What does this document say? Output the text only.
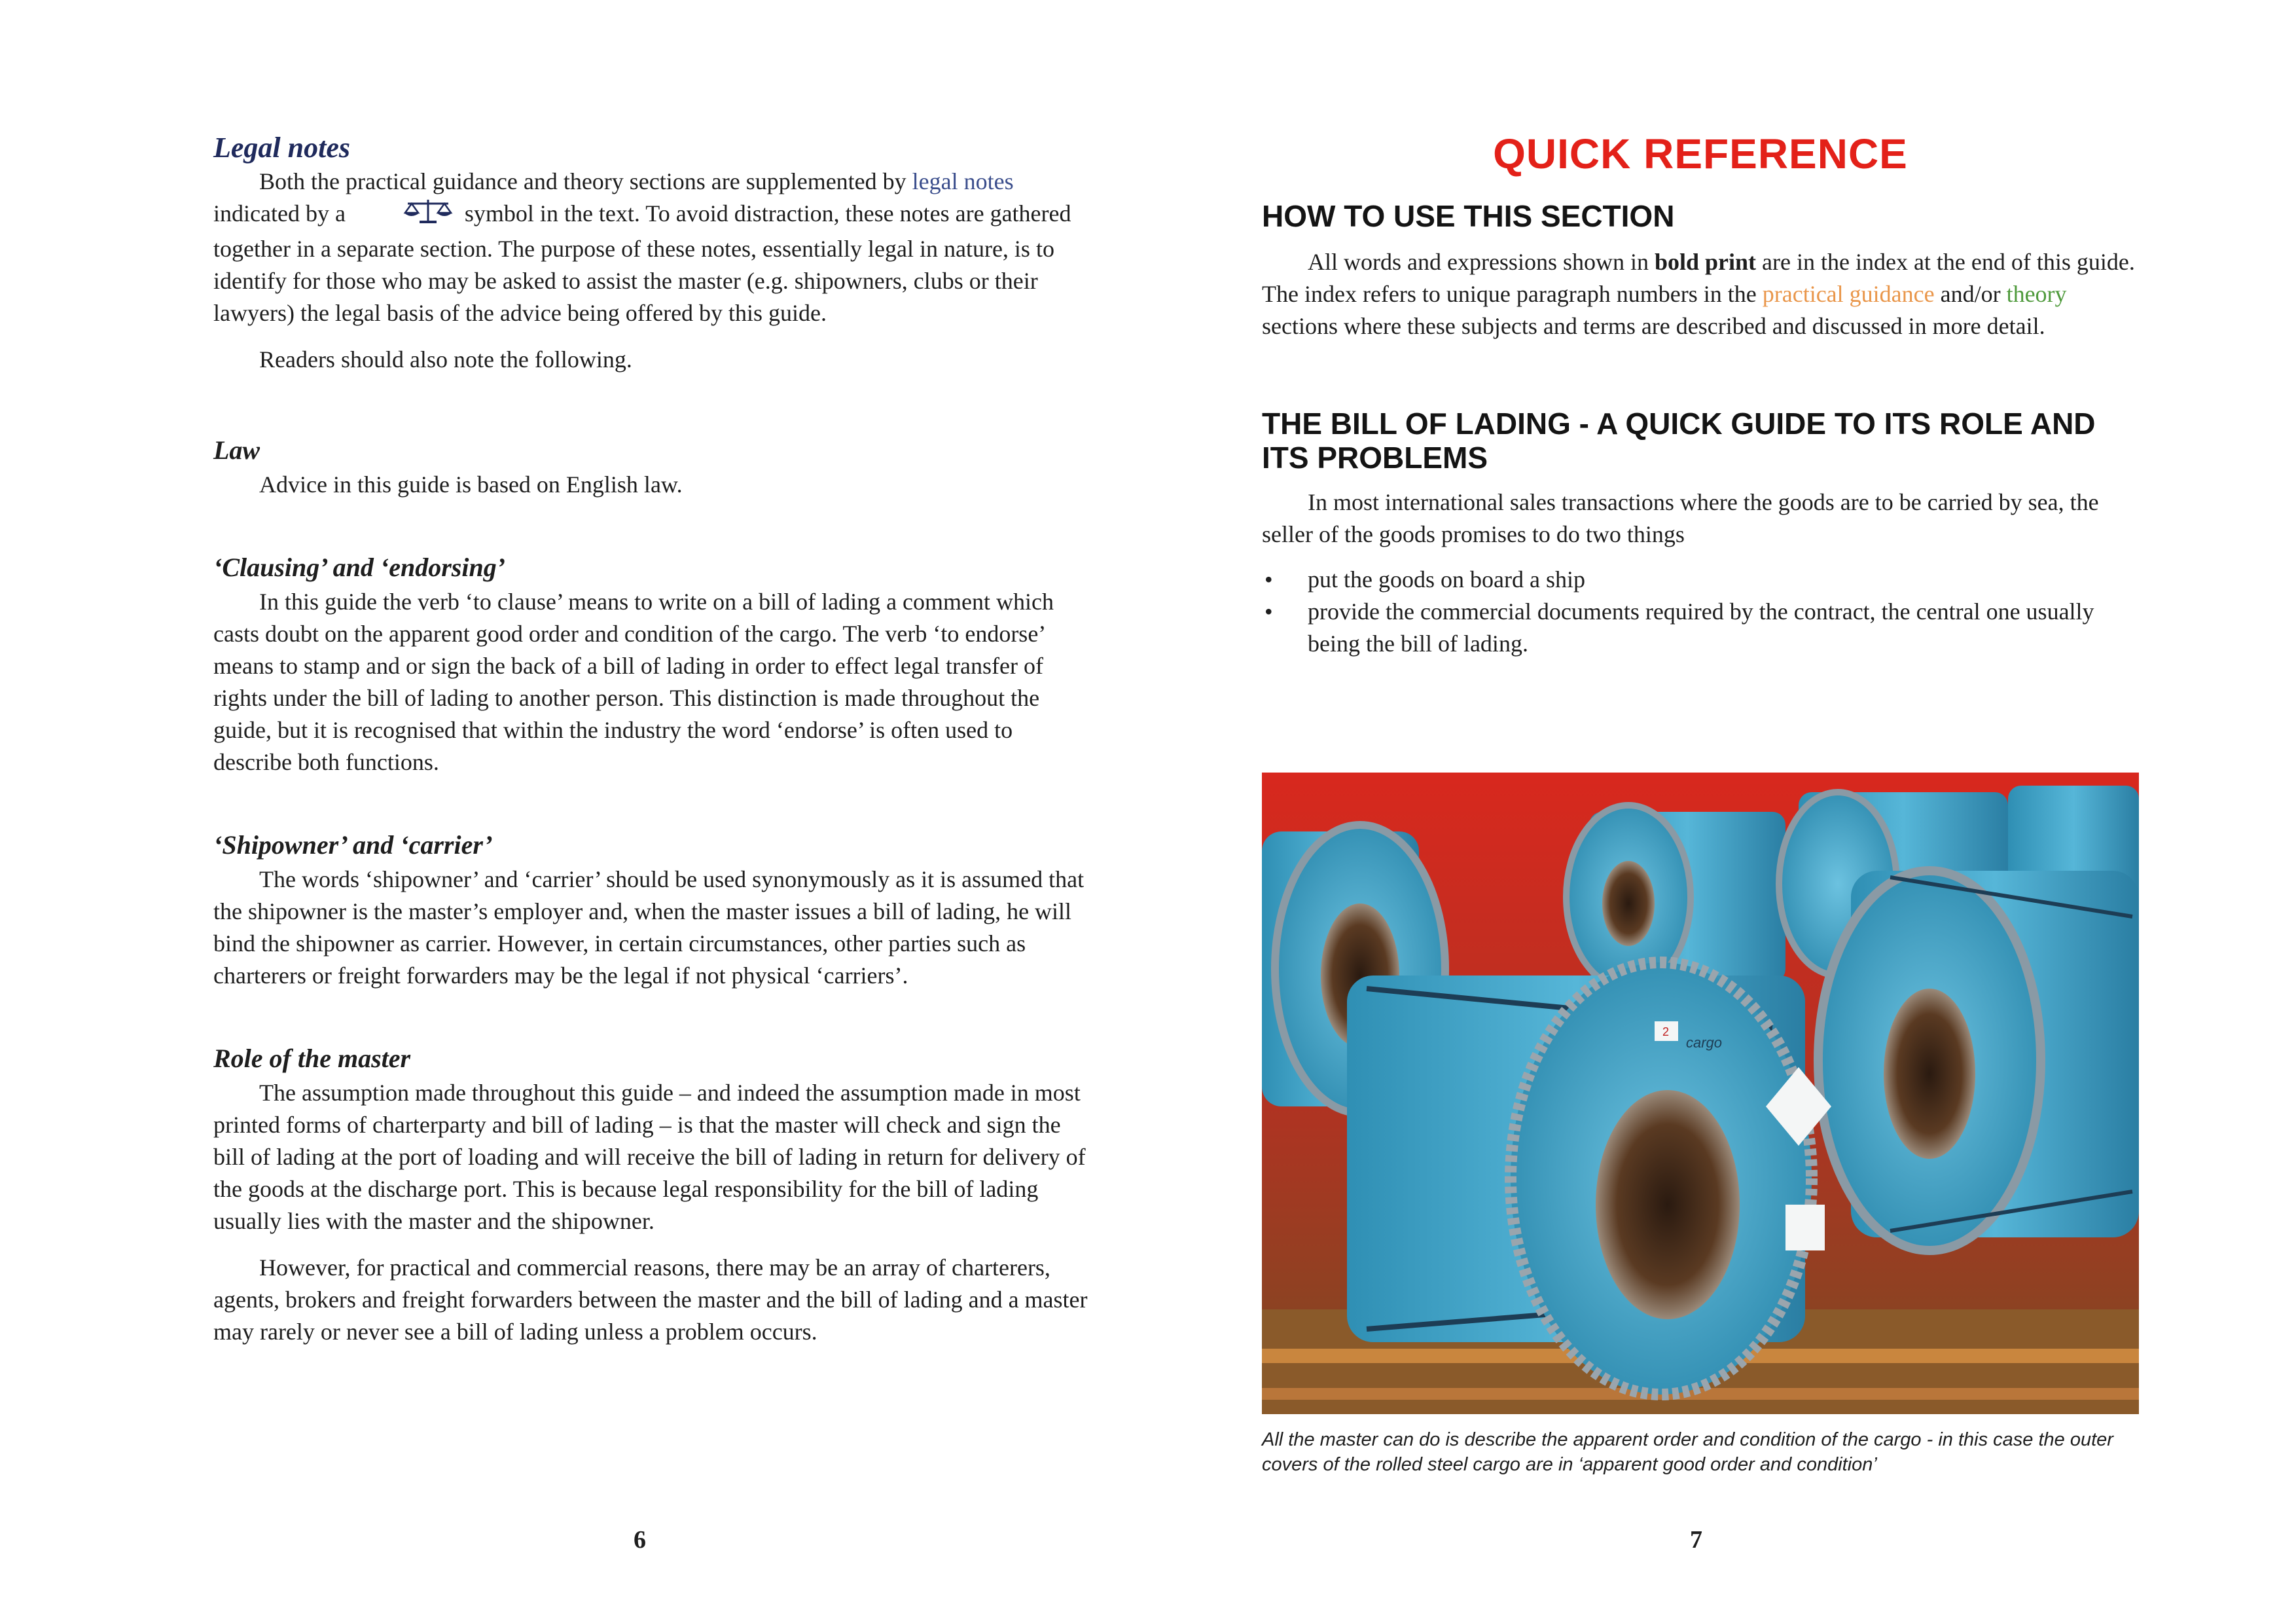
Legal notes

Both the practical guidance and theory sections are supplemented by legal notes indicated by a	symbol in the text. To avoid distraction, these notes are gathered together in a separate section. The purpose of these notes, essentially legal in nature, is to identify for those who may be asked to assist the master (e.g. shipowners, clubs or their lawyers) the legal basis of the advice being offered by this guide.

Readers should also note the following.

Law

Advice in this guide is based on English law.

‘Clausing’ and ‘endorsing’

In this guide the verb ‘to clause’ means to write on a bill of lading a comment which casts doubt on the apparent good order and condition of the cargo. The verb ‘to endorse’ means to stamp and or sign the back of a bill of lading in order to effect legal transfer of rights under the bill of lading to another person. This distinction is made throughout the guide, but it is recognised that within the industry the word ‘endorse’ is often used to describe both functions.

‘Shipowner’ and ‘carrier’

The words ‘shipowner’ and ‘carrier’ should be used synonymously as it is assumed that the shipowner is the master’s employer and, when the master issues a bill of lading, he will bind the shipowner as carrier. However, in certain circumstances, other parties such as charterers or freight forwarders may be the legal if not physical ‘carriers’.

Role of the master

The assumption made throughout this guide – and indeed the assumption made in most printed forms of charterparty and bill of lading – is that the master will check and sign the bill of lading at the port of loading and will receive the bill of lading in return for delivery of the goods at the discharge port. This is because legal responsibility for the bill of lading usually lies with the master and the shipowner.

However, for practical and commercial reasons, there may be an array of charterers, agents, brokers and freight forwarders between the master and the bill of lading and a master may rarely or never see a bill of lading unless a problem occurs.

6
QUICK REFERENCE
HOW TO USE THIS SECTION

All words and expressions shown in bold print are in the index at the end of this guide. The index refers to unique paragraph numbers in the practical guidance and/or theory sections where these subjects and terms are described and discussed in more detail.

THE BILL OF LADING - A QUICK GUIDE TO ITS ROLE AND ITS PROBLEMS

In most international sales transactions where the goods are to be carried by sea, the seller of the goods promises to do two things

• put the goods on board a ship
• provide the commercial documents required by the contract, the central one usually being the bill of lading.
2
cargo
All the master can do is describe the apparent order and condition of the cargo - in this case the outer covers of the rolled steel cargo are in ‘apparent good order and condition’
7
